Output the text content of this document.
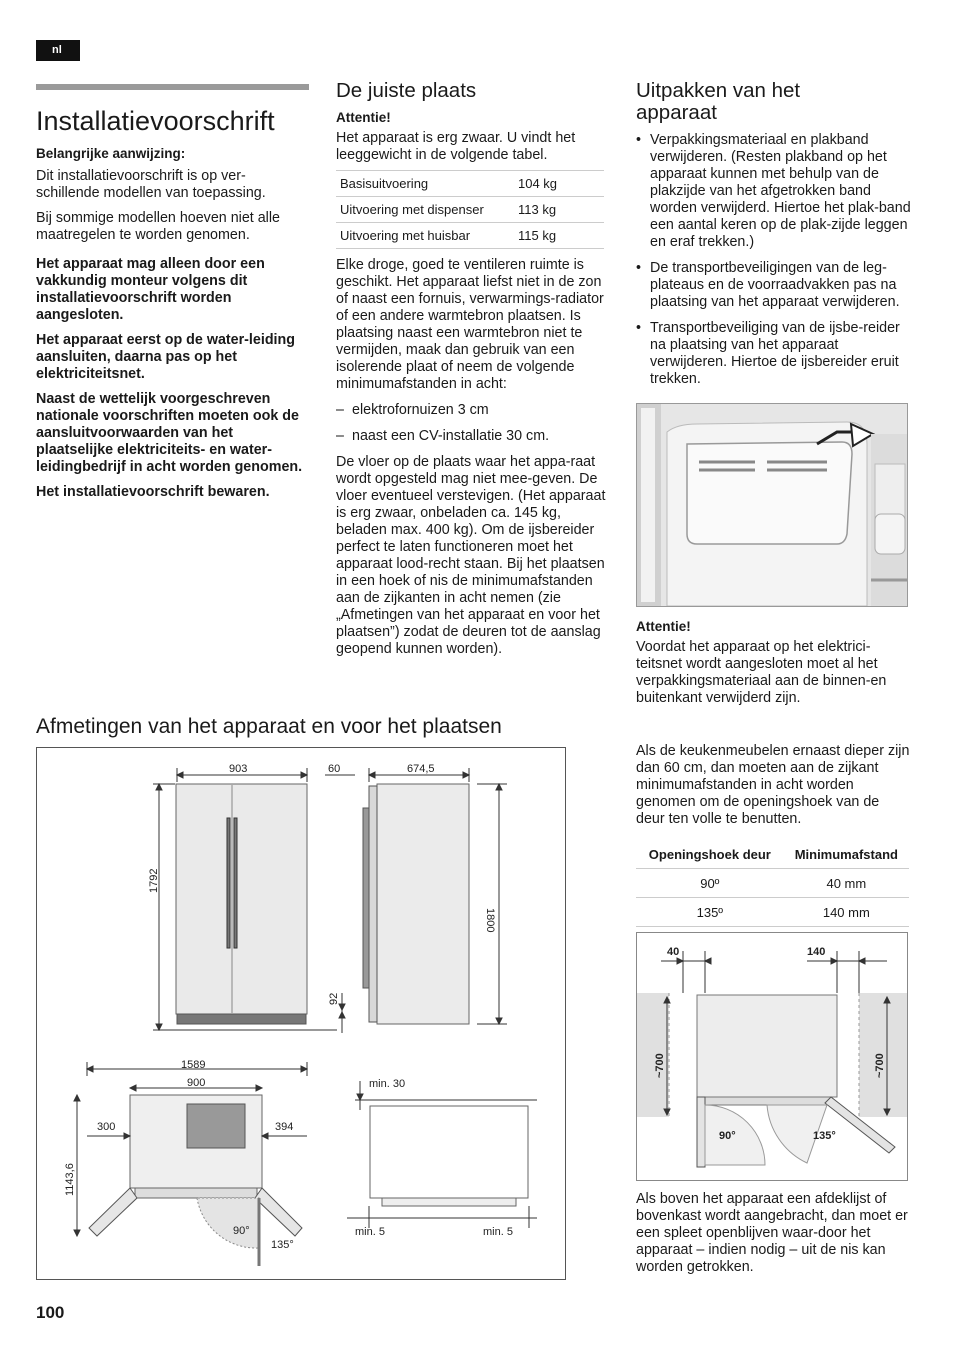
nl
Installatievoorschrift
Belangrijke aanwijzing:

Dit installatievoorschrift is op ver-schillende modellen van toepassing.

Bij sommige modellen hoeven niet alle maatregelen te worden genomen.

Het apparaat mag alleen door een vakkundig monteur volgens dit installatievoorschrift worden aangesloten.

Het apparaat eerst op de water-leiding aansluiten, daarna pas op het elektriciteitsnet.

Naast de wettelijk voorgeschreven nationale voorschriften moeten ook de aansluitvoorwaarden van het plaatselijke elektriciteits- en water-leidingbedrijf in acht worden genomen.

Het installatievoorschrift bewaren.

De juiste plaats
Attentie!

Het apparaat is erg zwaar. U vindt het leeggewicht in de volgende tabel.

Basisuitvoering	104 kg
Uitvoering met dispenser	113 kg
Uitvoering met huisbar	115 kg

Elke droge, goed te ventileren ruimte is geschikt. Het apparaat liefst niet in de zon of naast een fornuis, verwarmings-radiator of een andere warmtebron plaatsen. Is plaatsing naast een warmtebron niet te vermijden, maak dan gebruik van een isolerende plaat of neem de volgende minimumafstanden in acht:

– elektrofornuizen 3 cm

– naast een CV-installatie 30 cm.

De vloer op de plaats waar het appa-raat wordt opgesteld mag niet mee-geven. De vloer eventueel verstevigen. (Het apparaat is erg zwaar, onbeladen ca. 145 kg, beladen max. 400 kg). Om de ijsbereider perfect te laten functioneren moet het apparaat lood-recht staan. Bij het plaatsen in een hoek of nis de minimumafstanden aan de zijkanten in acht nemen (zie „Afmetingen van het apparaat en voor het plaatsen”) zodat de deuren tot de aanslag geopend kunnen worden).

Uitpakken van het apparaat
• Verpakkingsmateriaal en plakband verwijderen. (Resten plakband op het apparaat kunnen met behulp van de plakzijde van het afgetrokken band worden verwijderd. Hiertoe het plak-band een aantal keren op de plak-zijde leggen en eraf trekken.)
• De transportbeveiligingen van de leg-plateaus en de voorraadvakken pas na plaatsing van het apparaat verwijderen.
• Transportbeveiliging van de ijsbe-reider na plaatsing van het apparaat verwijderen. Hiertoe de ijsbereider eruit trekken.
Attentie!

Voordat het apparaat op het elektrici-teitsnet wordt aangesloten moet al het verpakkingsmateriaal aan de binnen-en buitenkant verwijderd zijn.

Afmetingen van het apparaat en voor het plaatsen
903	60	674,5
1792
1800
92
1589
900
300	394
1143,6
90°
135°
min. 30
min. 5	min. 5

Als de keukenmeubelen ernaast dieper zijn dan 60 cm, dan moeten aan de zijkant minimumafstanden in acht worden genomen om de openingshoek van de deur ten volle te benutten.

Openingshoek deur	Minimumafstand
90º	40 mm
135º	140 mm
40	140
~700	~700
90°	135°

Als boven het apparaat een afdeklijst of bovenkast wordt aangebracht, dan moet er een spleet openblijven waar-door het apparaat – indien nodig – uit de nis kan worden getrokken.

100
